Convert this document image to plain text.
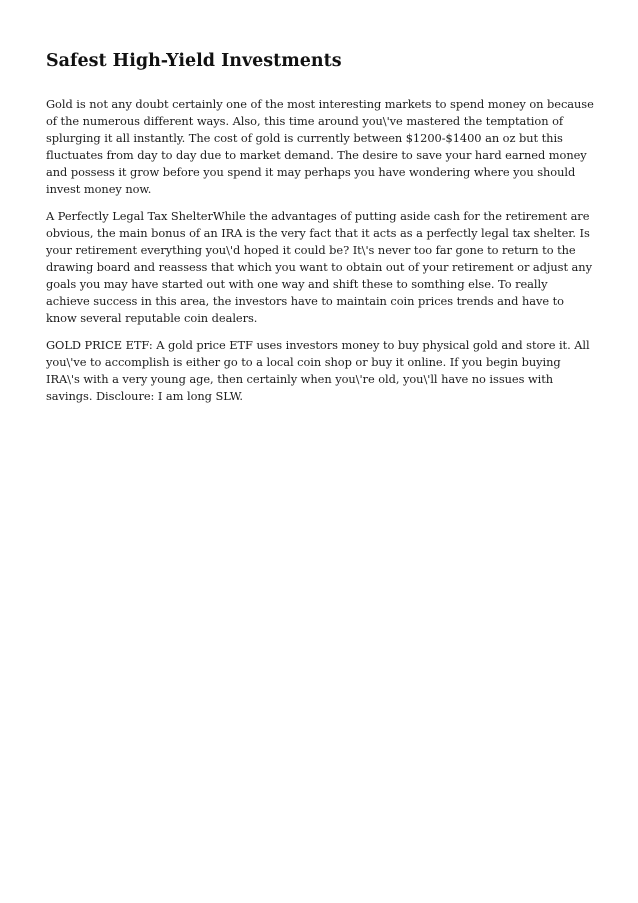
Safest High-Yield Investments

Gold is not any doubt certainly one of the most interesting markets to spend money on because of the numerous different ways. Also, this time around you\'ve mastered the temptation of splurging it all instantly. The cost of gold is currently between $1200-$1400 an oz but this fluctuates from day to day due to market demand. The desire to save your hard earned money and possess it grow before you spend it may perhaps you have wondering where you should invest money now.

A Perfectly Legal Tax ShelterWhile the advantages of putting aside cash for the retirement are obvious, the main bonus of an IRA is the very fact that it acts as a perfectly legal tax shelter. Is your retirement everything you\'d hoped it could be? It\'s never too far gone to return to the drawing board and reassess that which you want to obtain out of your retirement or adjust any goals you may have started out with one way and shift these to somthing else. To really achieve success in this area, the investors have to maintain coin prices trends and have to know several reputable coin dealers.

GOLD PRICE ETF: A gold price ETF uses investors money to buy physical gold and store it. All you\'ve to accomplish is either go to a local coin shop or buy it online. If you begin buying IRA\'s with a very young age, then certainly when you\'re old, you\'ll have no issues with savings. Discloure: I am long SLW.
